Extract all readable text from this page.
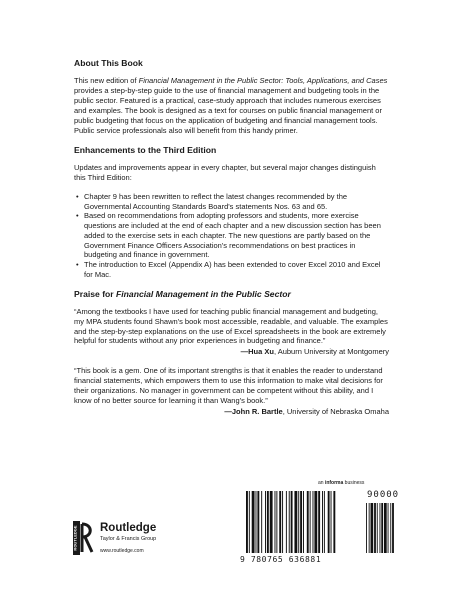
About This Book

This new edition of Financial Management in the Public Sector: Tools, Applications, and Cases provides a step-by-step guide to the use of financial management and budgeting tools in the public sector. Featured is a practical, case-study approach that includes numerous exercises and examples. The book is designed as a text for courses on public financial management or public budgeting that focus on the application of budgeting and financial management tools. Public service professionals also will benefit from this handy primer.

Enhancements to the Third Edition

Updates and improvements appear in every chapter, but several major changes distinguish this Third Edition:

• Chapter 9 has been rewritten to reflect the latest changes recommended by the Governmental Accounting Standards Board's statements Nos. 63 and 65.
• Based on recommendations from adopting professors and students, more exercise questions are included at the end of each chapter and a new discussion section has been added to the exercise sets in each chapter. The new questions are partly based on the Government Finance Officers Association's recommendations on best practices in budgeting and finance in government.
• The introduction to Excel (Appendix A) has been extended to cover Excel 2010 and Excel for Mac.
Praise for Financial Management in the Public Sector

“Among the textbooks I have used for teaching public financial management and budgeting, my MPA students found Shawn's book most accessible, readable, and valuable. The examples and the step-by-step explanations on the use of Excel spreadsheets in the book are extremely helpful for students without any prior experiences in budgeting and finance.”

—Hua Xu, Auburn University at Montgomery

“This book is a gem. One of its important strengths is that it enables the reader to understand financial statements, which empowers them to use this information to make vital decisions for their organizations. No manager in government can be competent without this ability, and I know of no better source for learning it than Wang's book.”

—John R. Bartle, University of Nebraska Omaha
ROUTLEDGE Routledge
Taylor & Francis Group
www.routledge.com
an informa business
90000
9 780765 636881
